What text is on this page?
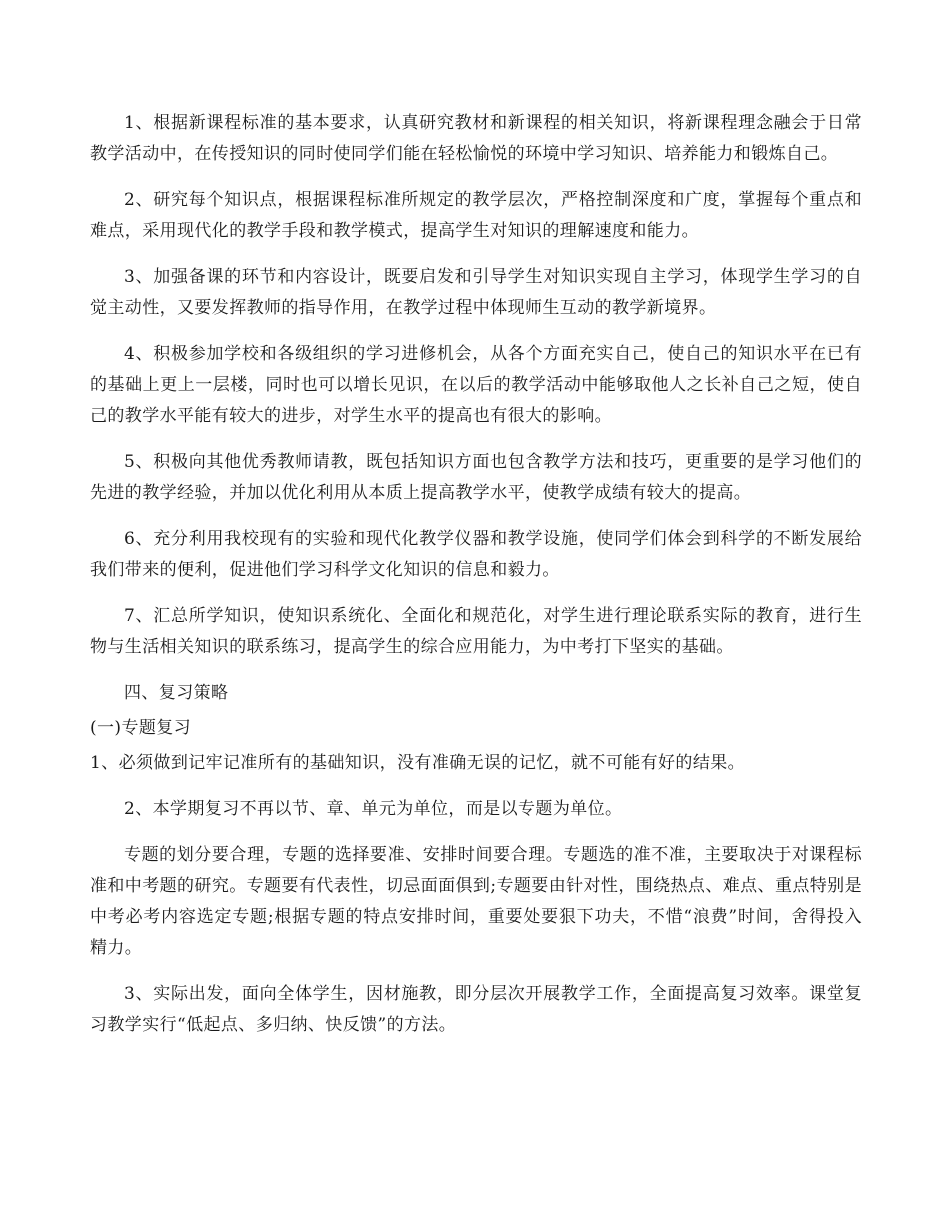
1、根据新课程标准的基本要求，认真研究教材和新课程的相关知识，将新课程理念融会于日常教学活动中，在传授知识的同时使同学们能在轻松愉悦的环境中学习知识、培养能力和锻炼自己。

2、研究每个知识点，根据课程标准所规定的教学层次，严格控制深度和广度，掌握每个重点和难点，采用现代化的教学手段和教学模式，提高学生对知识的理解速度和能力。

3、加强备课的环节和内容设计，既要启发和引导学生对知识实现自主学习，体现学生学习的自觉主动性，又要发挥教师的指导作用，在教学过程中体现师生互动的教学新境界。

4、积极参加学校和各级组织的学习进修机会，从各个方面充实自己，使自己的知识水平在已有的基础上更上一层楼，同时也可以增长见识，在以后的教学活动中能够取他人之长补自己之短，使自己的教学水平能有较大的进步，对学生水平的提高也有很大的影响。

5、积极向其他优秀教师请教，既包括知识方面也包含教学方法和技巧，更重要的是学习他们的先进的教学经验，并加以优化利用从本质上提高教学水平，使教学成绩有较大的提高。

6、充分利用我校现有的实验和现代化教学仪器和教学设施，使同学们体会到科学的不断发展给我们带来的便利，促进他们学习科学文化知识的信息和毅力。

7、汇总所学知识，使知识系统化、全面化和规范化，对学生进行理论联系实际的教育，进行生物与生活相关知识的联系练习，提高学生的综合应用能力，为中考打下坚实的基础。

四、复习策略

(一)专题复习

1、必须做到记牢记准所有的基础知识，没有准确无误的记忆，就不可能有好的结果。

2、本学期复习不再以节、章、单元为单位，而是以专题为单位。

专题的划分要合理，专题的选择要准、安排时间要合理。专题选的准不准，主要取决于对课程标准和中考题的研究。专题要有代表性，切忌面面俱到;专题要由针对性，围绕热点、难点、重点特别是中考必考内容选定专题;根据专题的特点安排时间，重要处要狠下功夫，不惜“浪费”时间，舍得投入精力。

3、实际出发，面向全体学生，因材施教，即分层次开展教学工作，全面提高复习效率。课堂复习教学实行“低起点、多归纳、快反馈”的方法。
